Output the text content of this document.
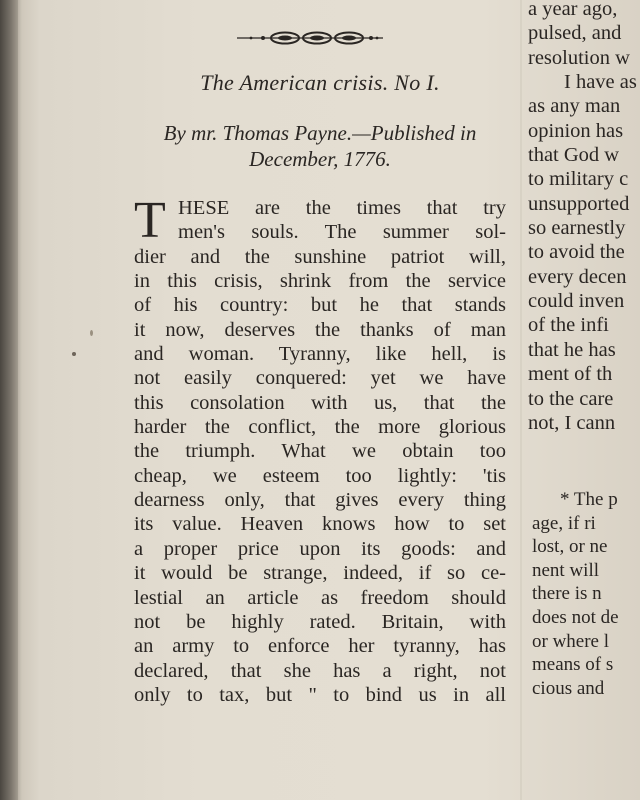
The American crisis. No I.
By mr. Thomas Payne.—Published in
December, 1776.
T HESE are the times that try
men's souls. The summer sol-
dier and the sunshine patriot will,
in this crisis, shrink from the service
of his country: but he that stands
it now, deserves the thanks of man
and woman. Tyranny, like hell, is
not easily conquered: yet we have
this consolation with us, that the
harder the conflict, the more glorious
the triumph. What we obtain too
cheap, we esteem too lightly: 'tis
dearness only, that gives every thing
its value. Heaven knows how to set
a proper price upon its goods: and
it would be strange, indeed, if so ce-
lestial an article as freedom should
not be highly rated. Britain, with
an army to enforce her tyranny, has
declared, that she has a right, not
only to tax, but " to bind us in all
a year ago,
pulsed, and
resolution w
I have as
as any man
opinion has
that God w
to military c
unsupported
so earnestly
to avoid the
every decen
could inven
of the infi
that he has
ment of th
to the care
not, I cann
* The p
age, if ri
lost, or ne
nent will
there is n
does not de
or where l
means of s
cious and
